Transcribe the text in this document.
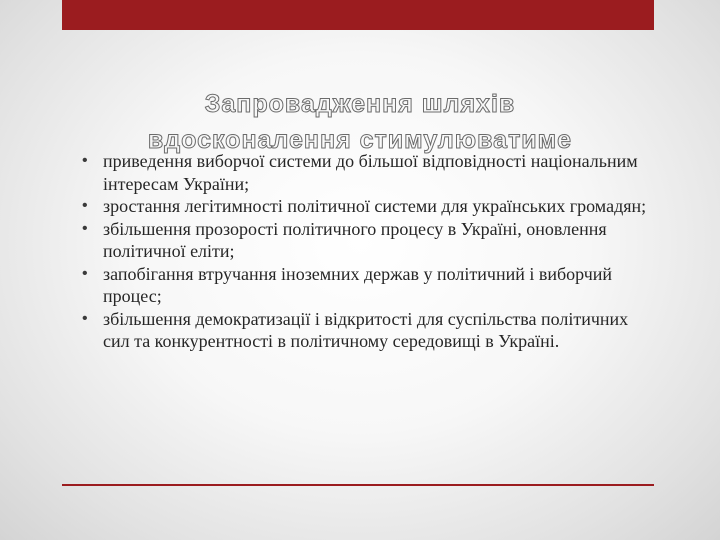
Запровадження шляхів
вдосконалення стимулюватиме
• приведення виборчої системи до більшої відповідності національним інтересам України;
• зростання легітимності політичної системи для українських громадян;
• збільшення прозорості політичного процесу в Україні, оновлення політичної еліти;
• запобігання втручання іноземних держав у політичний і виборчий процес;
• збільшення демократизації і відкритості для суспільства політичних сил та конкурентності в політичному середовищі в Україні.
